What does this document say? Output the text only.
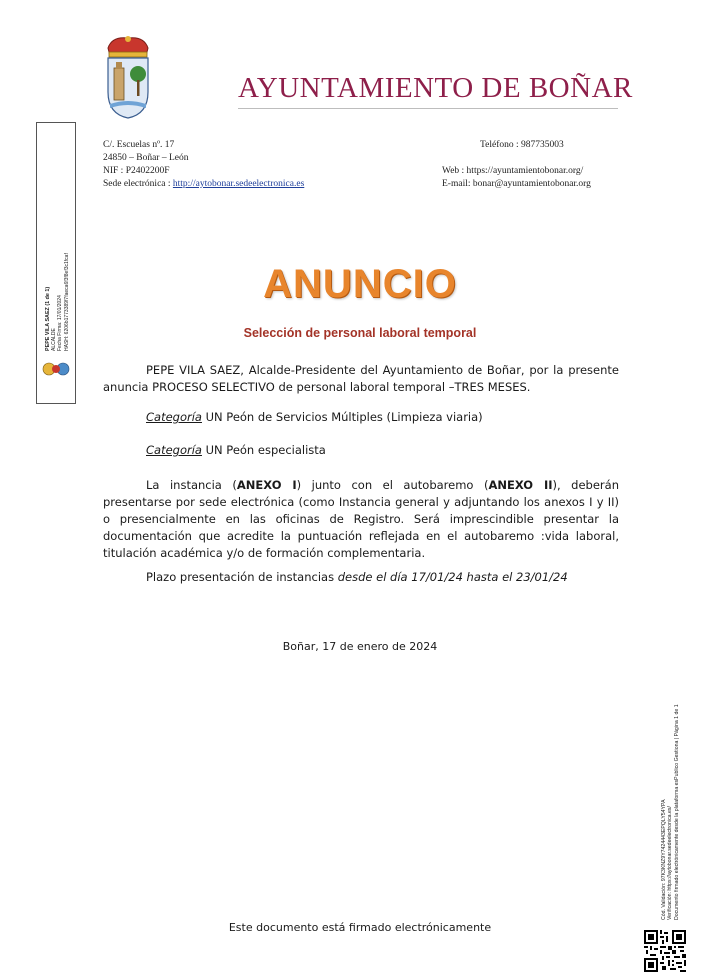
AYUNTAMIENTO DE BOÑAR
C/. Escuelas nº. 17
24850 – Boñar – León
NIF : P2402200F
Sede electrónica : http://aytobonar.sedeelectronica.es
Teléfono : 987735003
Web : https://ayuntamientobonar.org/
E-mail: bonar@ayuntamientobonar.org
PEPE VILA SAEZ (1 de 1) ALCALDE Fecha Firma: 17/01/2024 HASH: 6206b1773389f7faeca6f3f8ef3c1fcaf	ANUNCIO
Selección de personal laboral temporal
PEPE VILA SAEZ, Alcalde-Presidente del Ayuntamiento de Boñar, por la presente anuncia PROCESO SELECTIVO de personal laboral temporal –TRES MESES.
Categoría UN Peón de Servicios Múltiples (Limpieza viaria)
Categoría UN Peón especialista
La instancia (ANEXO I) junto con el autobaremo (ANEXO II), deberán presentarse por sede electrónica (como Instancia general y adjuntando los anexos I y II) o presencialmente en las oficinas de Registro. Será imprescindible presentar la documentación que acredite la puntuación reflejada en el autobaremo :vida laboral, titulación académica y/o de formación complementaria.
Plazo presentación de instancias desde el día 17/01/24 hasta el 23/01/24
Boñar, 17 de enero de 2024
Este documento está firmado electrónicamente
Cód. Validación: 97K3KNZ9Y7424443EPQLY54YPA Verificación: https://aytobonar.sedeelectronica.es/ Documento firmado electrónicamente desde la plataforma esPublico Gestiona | Página 1 de 1
